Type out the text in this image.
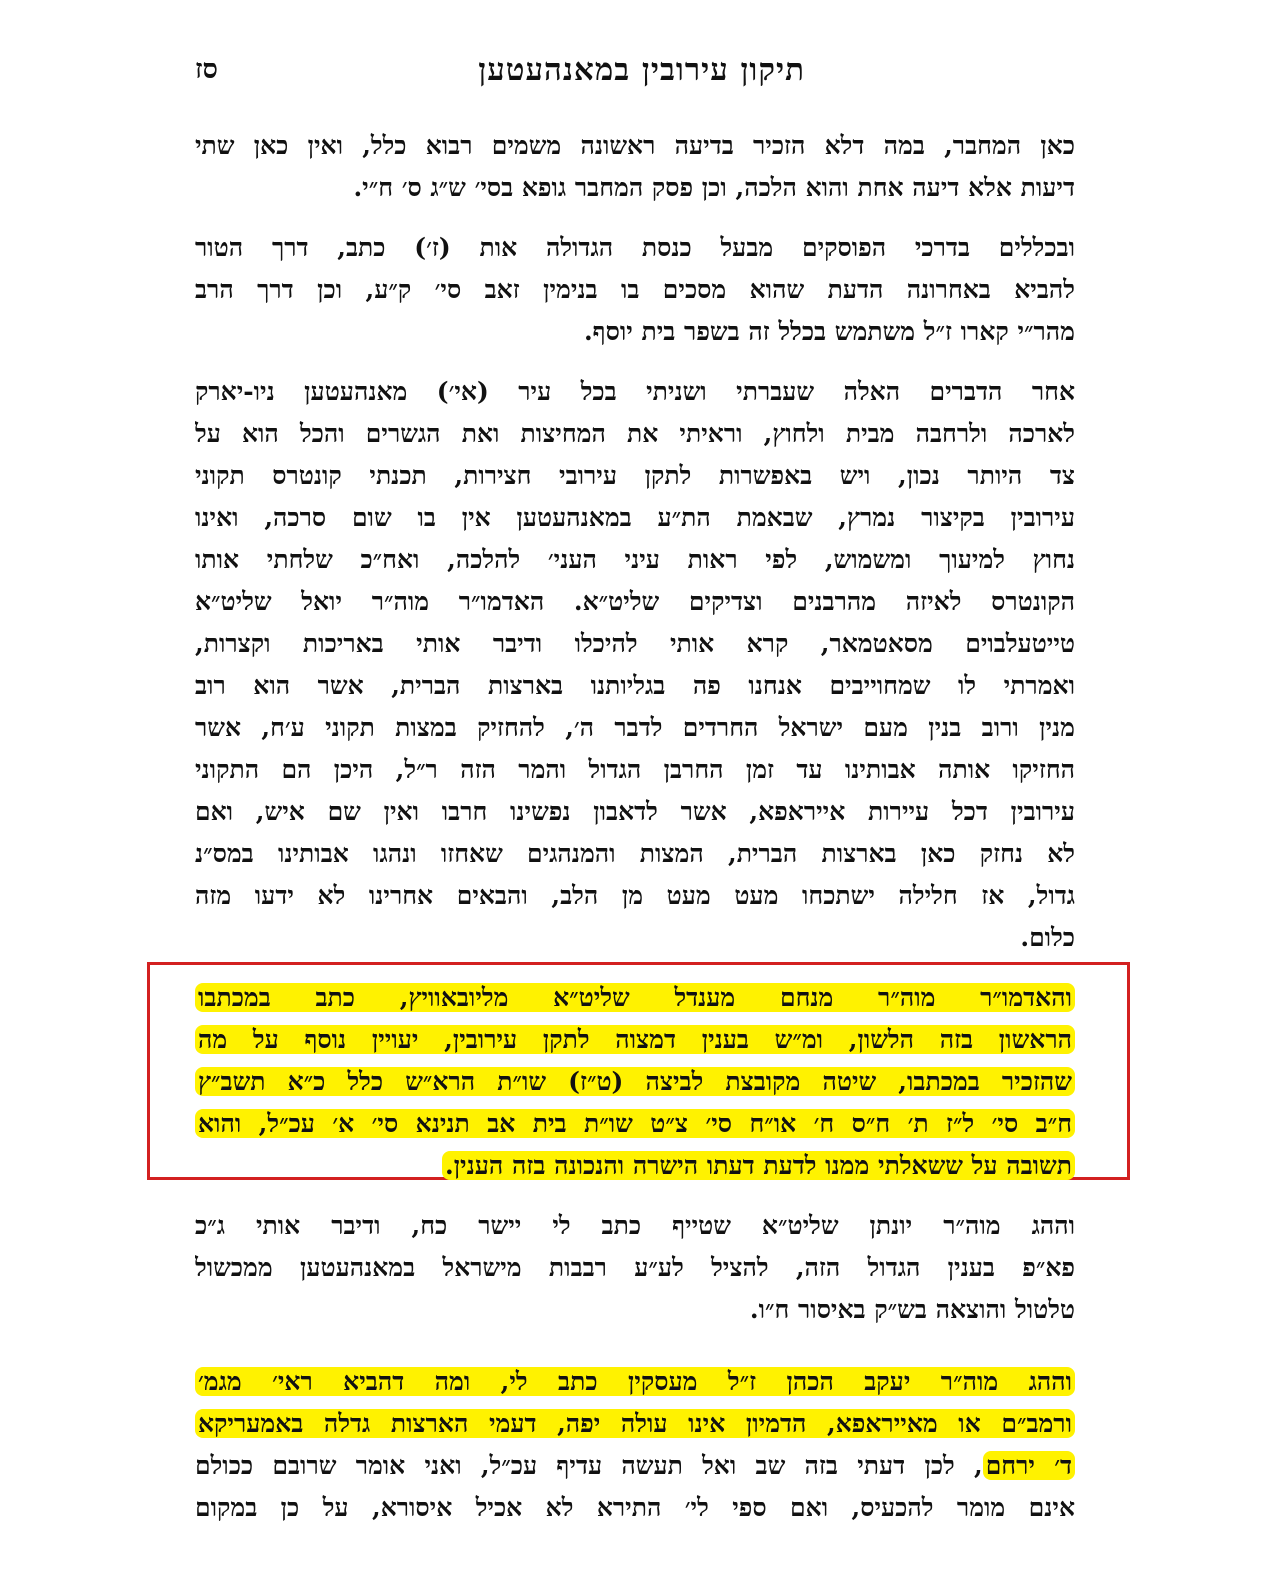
תיקון עירובין במאנהעטען
סז
כאן המחבר, במה דלא הזכיר בדיעה ראשונה משמים רבוא כלל, ואין כאן שתי
דיעות אלא דיעה אחת והוא הלכה, וכן פסק המחבר גופא בסי׳ ש״ג ס׳ ח״י.
ובכללים בדרכי הפוסקים מבעל כנסת הגדולה אות (ז׳) כתב, דרך הטור
להביא באחרונה הדעת שהוא מסכים בו בנימין זאב סי׳ ק״ע, וכן דרך הרב
מהר״י קארו ז״ל משתמש בכלל זה בשפר בית יוסף.
אחר הדברים האלה שעברתי ושניתי בכל עיר (אי׳) מאנהעטען ניו-יארק
לארכה ולרחבה מבית ולחוץ, וראיתי את המחיצות ואת הגשרים והכל הוא על
צד היותר נכון, ויש באפשרות לתקן עירובי חצירות, תכנתי קונטרס תקוני
עירובין בקיצור נמרץ, שבאמת הת״ע במאנהעטען אין בו שום סרכה, ואינו
נחוץ למיעוך ומשמוש, לפי ראות עיני העני׳ להלכה, ואח״כ שלחתי אותו
הקונטרס לאיזה מהרבנים וצדיקים שליט״א. האדמו״ר מוה״ר יואל שליט״א
טייטעלבוים מסאטמאר, קרא אותי להיכלו ודיבר אותי באריכות וקצרות,
ואמרתי לו שמחוייבים אנחנו פה בגליותנו בארצות הברית, אשר הוא רוב
מנין ורוב בנין מעם ישראל החרדים לדבר ה׳, להחזיק במצות תקוני ע׳ח, אשר
החזיקו אותה אבותינו עד זמן החרבן הגדול והמר הזה ר״ל, היכן הם התקוני
עירובין דכל עיירות אייראפא, אשר לדאבון נפשינו חרבו ואין שם איש, ואם
לא נחזק כאן בארצות הברית, המצות והמנהגים שאחזו ונהגו אבותינו במס״נ
גדול, אז חלילה ישתכחו מעט מעט מן הלב, והבאים אחרינו לא ידעו מזה
כלום.
והאדמו״ר מוה״ר מנחם מענדל שליט״א מליובאוויץ, כתב במכתבו
הראשון בזה הלשון, ומ״ש בענין דמצוה לתקן עירובין, יעויין נוסף על מה
שהזכיר במכתבו, שיטה מקובצת לביצה (ט״ז) שו״ת הרא״ש כלל כ״א תשב״ץ
ח״ב סי׳ ל״ז ת׳ ח״ס ח׳ או״ח סי׳ צ״ט שו״ת בית אב תנינא סי׳ א׳ עכ״ל, והוא
תשובה על ששאלתי ממנו לדעת דעתו הישרה והנכונה בזה הענין.
וההג מוה״ר יונתן שליט״א שטייף כתב לי יישר כח, ודיבר אותי ג״כ
פא״פ בענין הגדול הזה, להציל לע״ע רבבות מישראל במאנהעטען ממכשול
טלטול והוצאה בש״ק באיסור ח״ו.
וההג מוה״ר יעקב הכהן ז״ל מעסקין כתב לי, ומה דהביא ראי׳ מגמ׳
ורמב״ם או מאייראפא, הדמיון אינו עולה יפה, דעמי הארצות גדלה באמעריקא
ד׳ ירחם, לכן דעתי בזה שב ואל תעשה עדיף עכ״ל, ואני אומר שרובם ככולם
אינם מומר להכעיס, ואם ספי לי׳ התירא לא אכיל איסורא, על כן במקום
